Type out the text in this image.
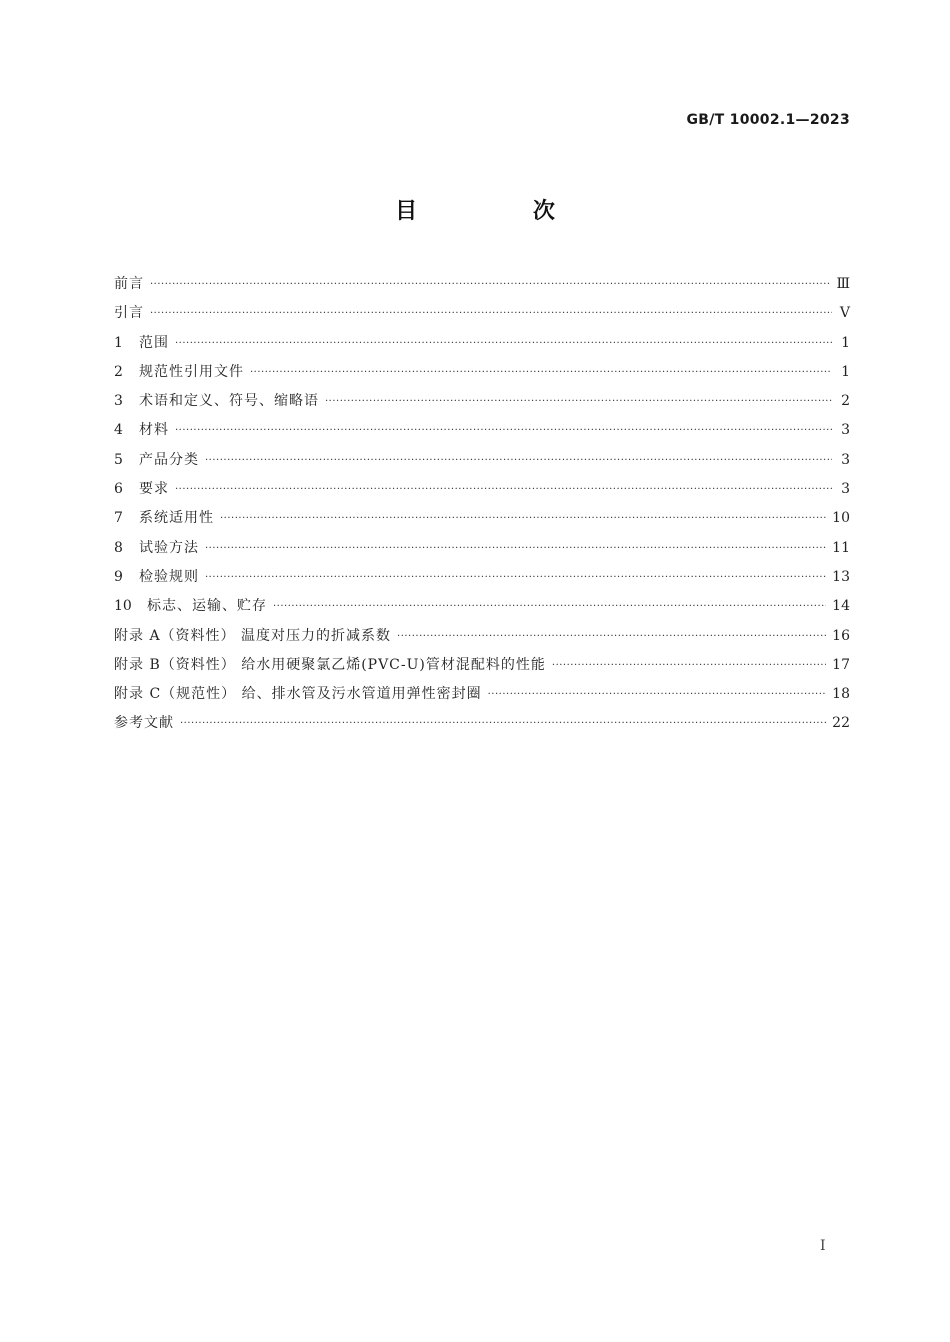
GB/T 10002.1—2023
目 次
前言 ·····	Ⅲ
引言 ·····	Ⅴ
1	范围 ·····	1
2	规范性引用文件 ·····	1
3	术语和定义、符号、缩略语 ·····	2
4	材料 ·····	3
5	产品分类 ·····	3
6	要求 ·····	3
7	系统适用性 ·····	10
8	试验方法 ·····	11
9	检验规则 ·····	13
10	标志、运输、贮存 ·····	14
附录 A（资料性） 温度对压力的折减系数 ·····	16
附录 B（资料性） 给水用硬聚氯乙烯(PVC-U)管材混配料的性能 ·····	17
附录 C（规范性） 给、排水管及污水管道用弹性密封圈 ·····	18
参考文献 ·····	22
I
